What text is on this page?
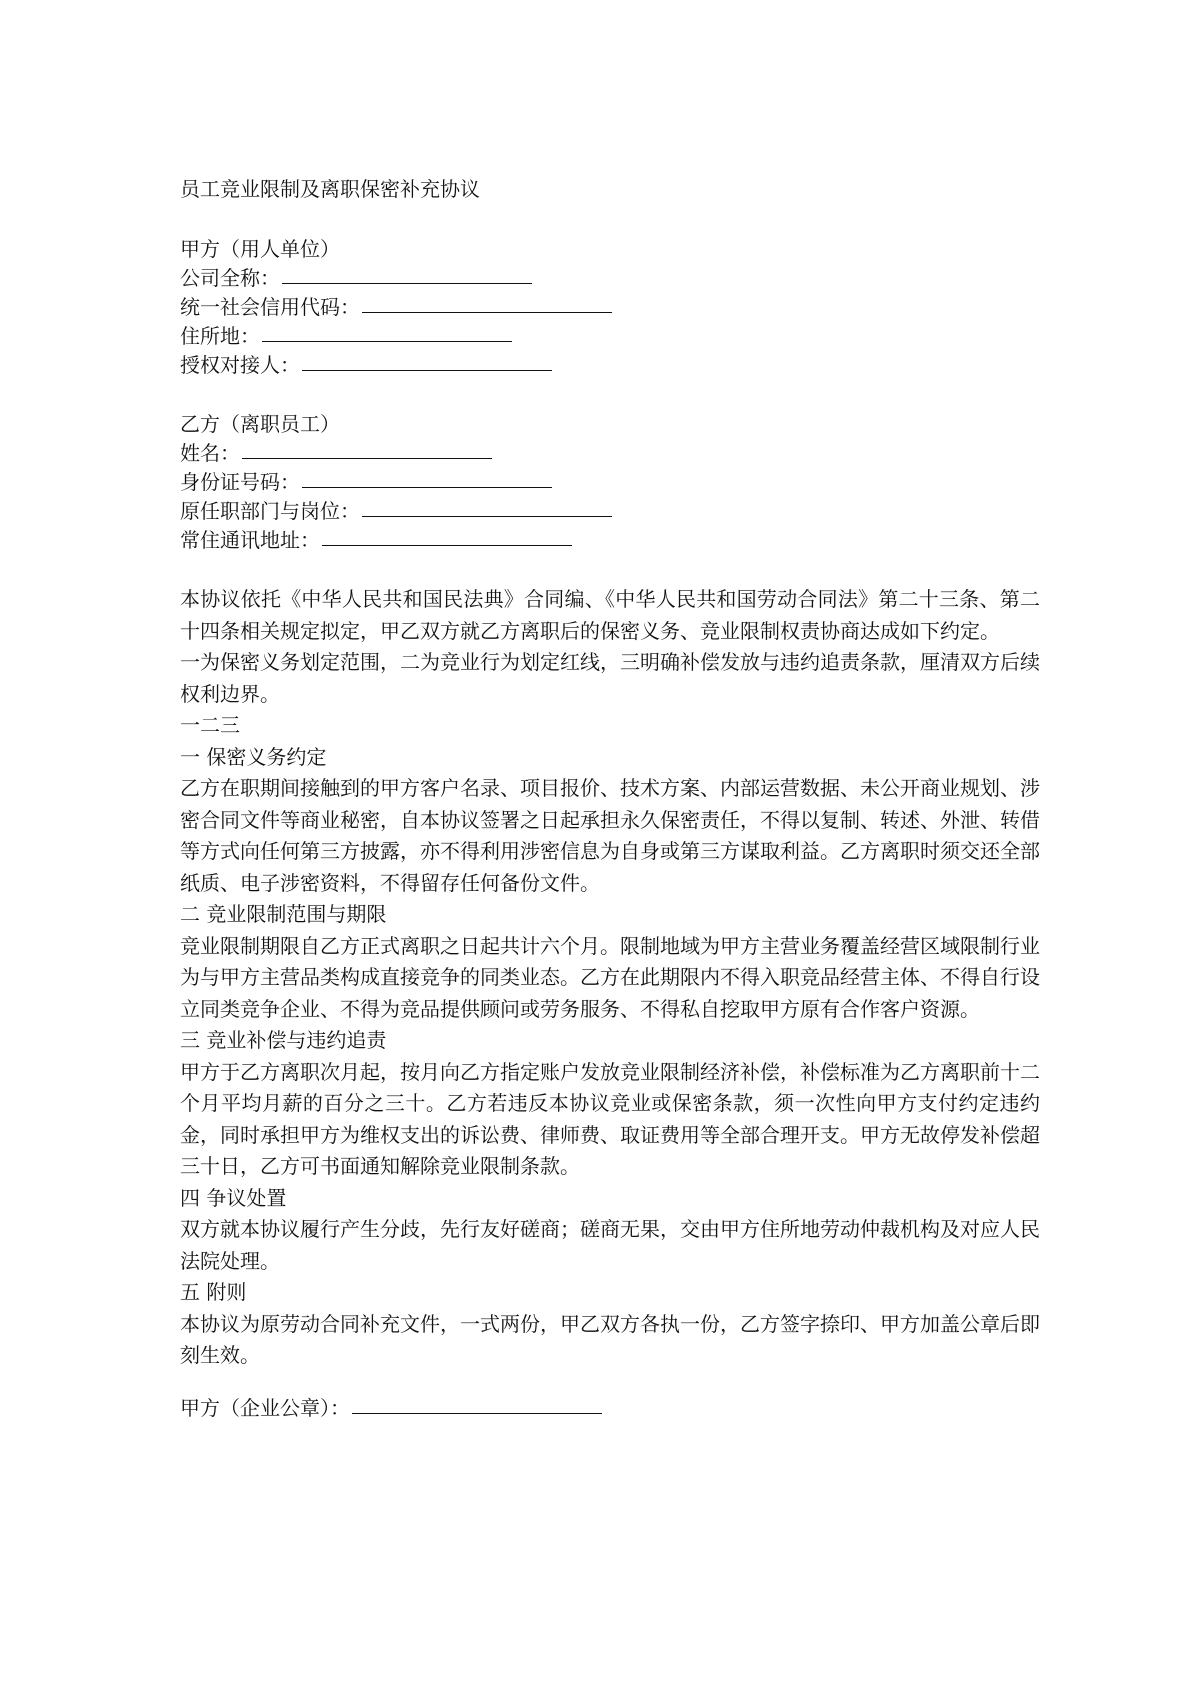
员工竞业限制及离职保密补充协议
甲方（用人单位）
公司全称：
统一社会信用代码：
住所地：
授权对接人：
乙方（离职员工）
姓名：
身份证号码：
原任职部门与岗位：
常住通讯地址：
本协议依托《中华人民共和国民法典》合同编、《中华人民共和国劳动合同法》第二十三条、第二十四条相关规定拟定，甲乙双方就乙方离职后的保密义务、竞业限制权责协商达成如下约定。
一为保密义务划定范围，二为竞业行为划定红线，三明确补偿发放与违约追责条款，厘清双方后续权利边界。
一二三
一 保密义务约定
乙方在职期间接触到的甲方客户名录、项目报价、技术方案、内部运营数据、未公开商业规划、涉密合同文件等商业秘密，自本协议签署之日起承担永久保密责任，不得以复制、转述、外泄、转借等方式向任何第三方披露，亦不得利用涉密信息为自身或第三方谋取利益。乙方离职时须交还全部纸质、电子涉密资料，不得留存任何备份文件。
二 竞业限制范围与期限
竞业限制期限自乙方正式离职之日起共计六个月。限制地域为甲方主营业务覆盖经营区域限制行业为与甲方主营品类构成直接竞争的同类业态。乙方在此期限内不得入职竞品经营主体、不得自行设立同类竞争企业、不得为竞品提供顾问或劳务服务、不得私自挖取甲方原有合作客户资源。
三 竞业补偿与违约追责
甲方于乙方离职次月起，按月向乙方指定账户发放竞业限制经济补偿，补偿标准为乙方离职前十二个月平均月薪的百分之三十。乙方若违反本协议竞业或保密条款，须一次性向甲方支付约定违约金，同时承担甲方为维权支出的诉讼费、律师费、取证费用等全部合理开支。甲方无故停发补偿超三十日，乙方可书面通知解除竞业限制条款。
四 争议处置
双方就本协议履行产生分歧，先行友好磋商；磋商无果，交由甲方住所地劳动仲裁机构及对应人民法院处理。
五 附则
本协议为原劳动合同补充文件，一式两份，甲乙双方各执一份，乙方签字捺印、甲方加盖公章后即刻生效。
甲方（企业公章）：
